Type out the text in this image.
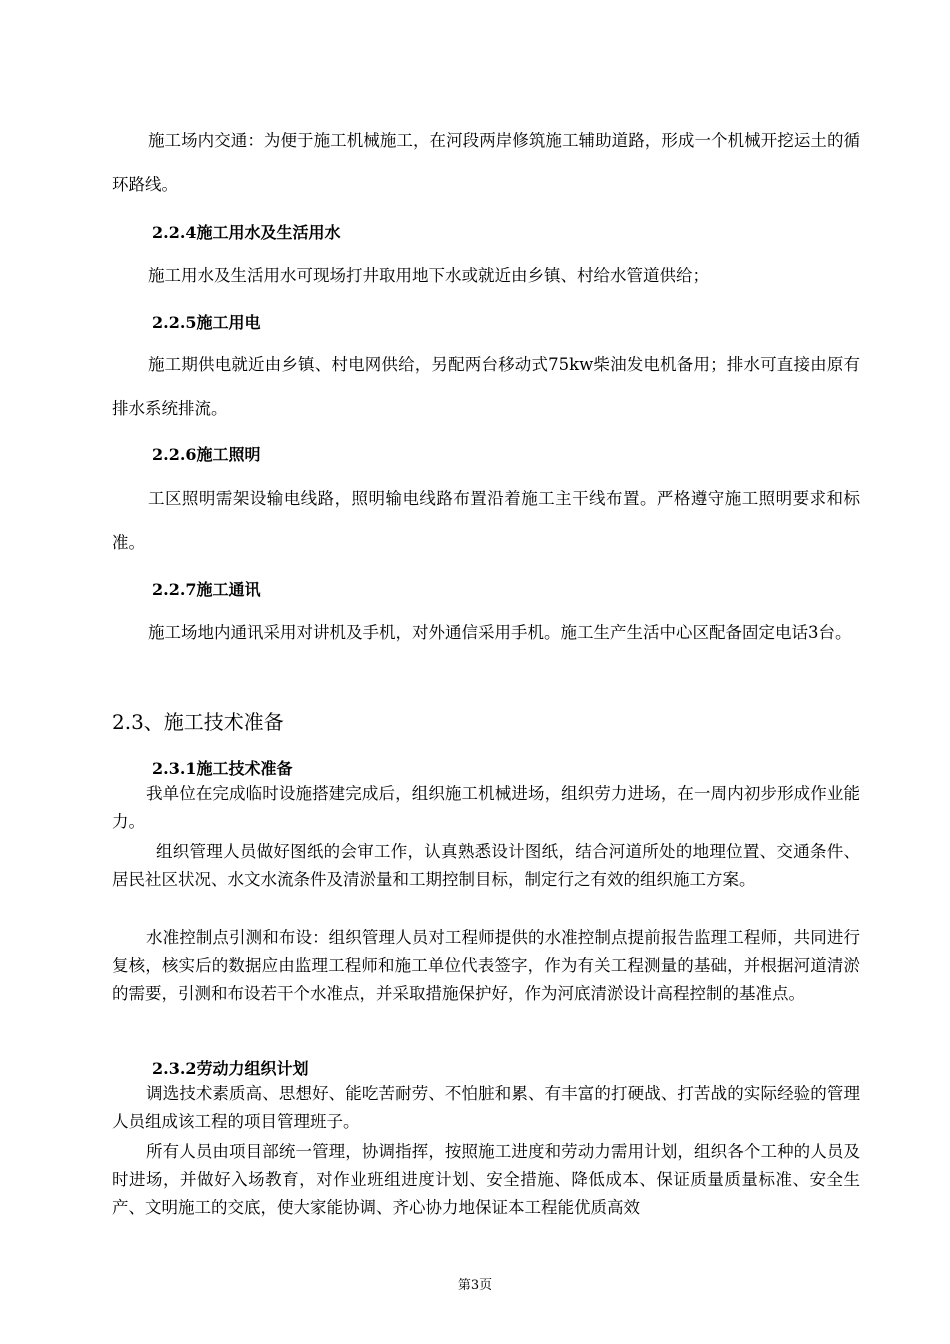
施工场内交通：为便于施工机械施工，在河段两岸修筑施工辅助道路，形成一个机械开挖运土的循环路线。

2.2.4施工用水及生活用水

施工用水及生活用水可现场打井取用地下水或就近由乡镇、村给水管道供给；

2.2.5施工用电

施工期供电就近由乡镇、村电网供给，另配两台移动式75kw柴油发电机备用；排水可直接由原有排水系统排流。

2.2.6施工照明

工区照明需架设输电线路，照明输电线路布置沿着施工主干线布置。严格遵守施工照明要求和标准。

2.2.7施工通讯

施工场地内通讯采用对讲机及手机，对外通信采用手机。施工生产生活中心区配备固定电话3台。

2.3、施工技术准备

2.3.1施工技术准备

我单位在完成临时设施搭建完成后，组织施工机械进场，组织劳力进场，在一周内初步形成作业能力。

组织管理人员做好图纸的会审工作，认真熟悉设计图纸，结合河道所处的地理位置、交通条件、居民社区状况、水文水流条件及清淤量和工期控制目标，制定行之有效的组织施工方案。

水准控制点引测和布设：组织管理人员对工程师提供的水准控制点提前报告监理工程师，共同进行复核，核实后的数据应由监理工程师和施工单位代表签字，作为有关工程测量的基础，并根据河道清淤的需要，引测和布设若干个水准点，并采取措施保护好，作为河底清淤设计高程控制的基准点。

2.3.2劳动力组织计划

调选技术素质高、思想好、能吃苦耐劳、不怕脏和累、有丰富的打硬战、打苦战的实际经验的管理人员组成该工程的项目管理班子。

所有人员由项目部统一管理，协调指挥，按照施工进度和劳动力需用计划，组织各个工种的人员及时进场，并做好入场教育，对作业班组进度计划、安全措施、降低成本、保证质量质量标准、安全生产、文明施工的交底，使大家能协调、齐心协力地保证本工程能优质高效

第3页
